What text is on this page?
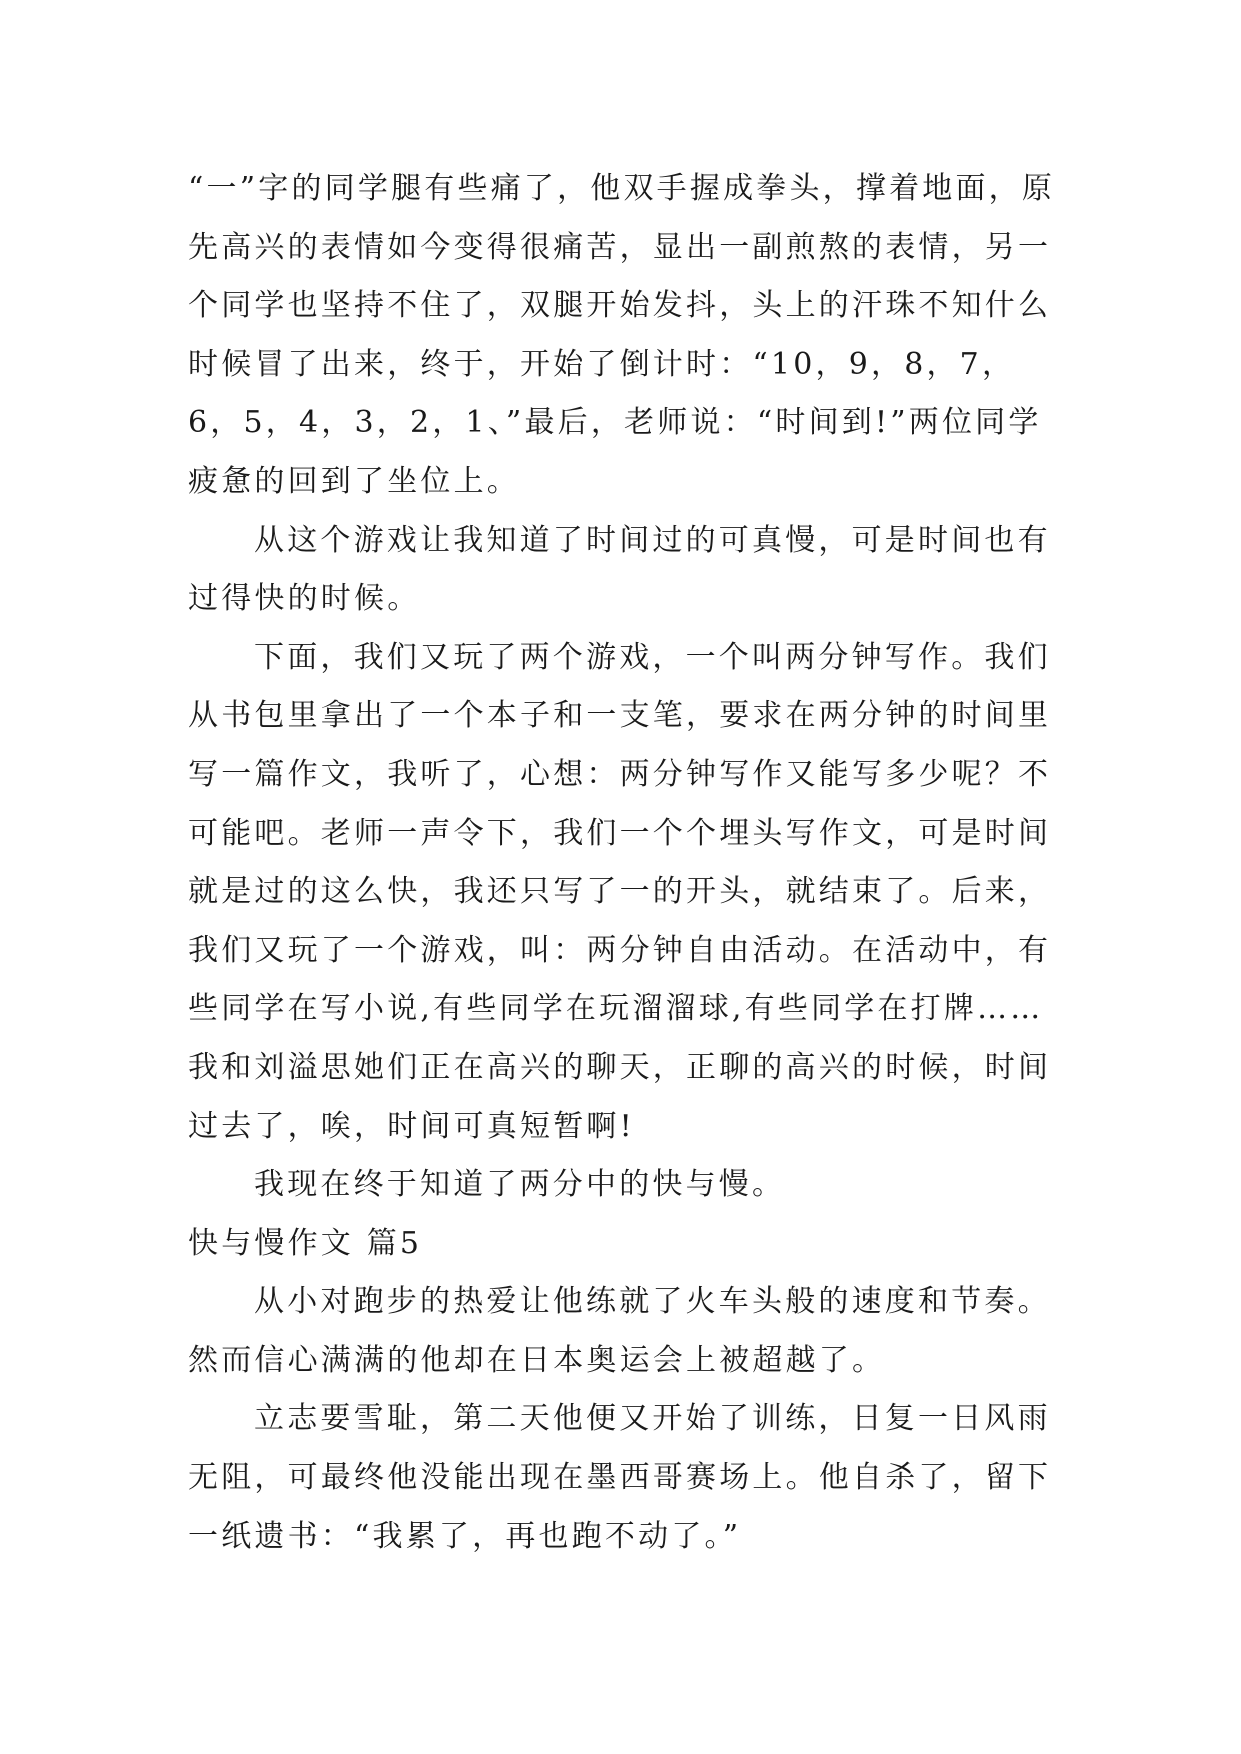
“一”字的同学腿有些痛了，他双手握成拳头，撑着地面，原先高兴的表情如今变得很痛苦，显出一副煎熬的表情，另一个同学也坚持不住了，双腿开始发抖，头上的汗珠不知什么时候冒了出来，终于，开始了倒计时：“10，9，8，7，6，5，4，3，2，1、”最后，老师说：“时间到!”两位同学疲惫的回到了坐位上。

从这个游戏让我知道了时间过的可真慢，可是时间也有过得快的时候。

下面，我们又玩了两个游戏，一个叫两分钟写作。我们从书包里拿出了一个本子和一支笔，要求在两分钟的时间里写一篇作文，我听了，心想：两分钟写作又能写多少呢？不可能吧。老师一声令下，我们一个个埋头写作文，可是时间就是过的这么快，我还只写了一的开头，就结束了。后来，我们又玩了一个游戏，叫：两分钟自由活动。在活动中，有些同学在写小说,有些同学在玩溜溜球,有些同学在打牌……我和刘溢思她们正在高兴的聊天，正聊的高兴的时候，时间过去了，唉，时间可真短暂啊!

我现在终于知道了两分中的快与慢。

快与慢作文 篇5

从小对跑步的热爱让他练就了火车头般的速度和节奏。然而信心满满的他却在日本奥运会上被超越了。

立志要雪耻，第二天他便又开始了训练，日复一日风雨无阻，可最终他没能出现在墨西哥赛场上。他自杀了，留下一纸遗书：“我累了，再也跑不动了。”
